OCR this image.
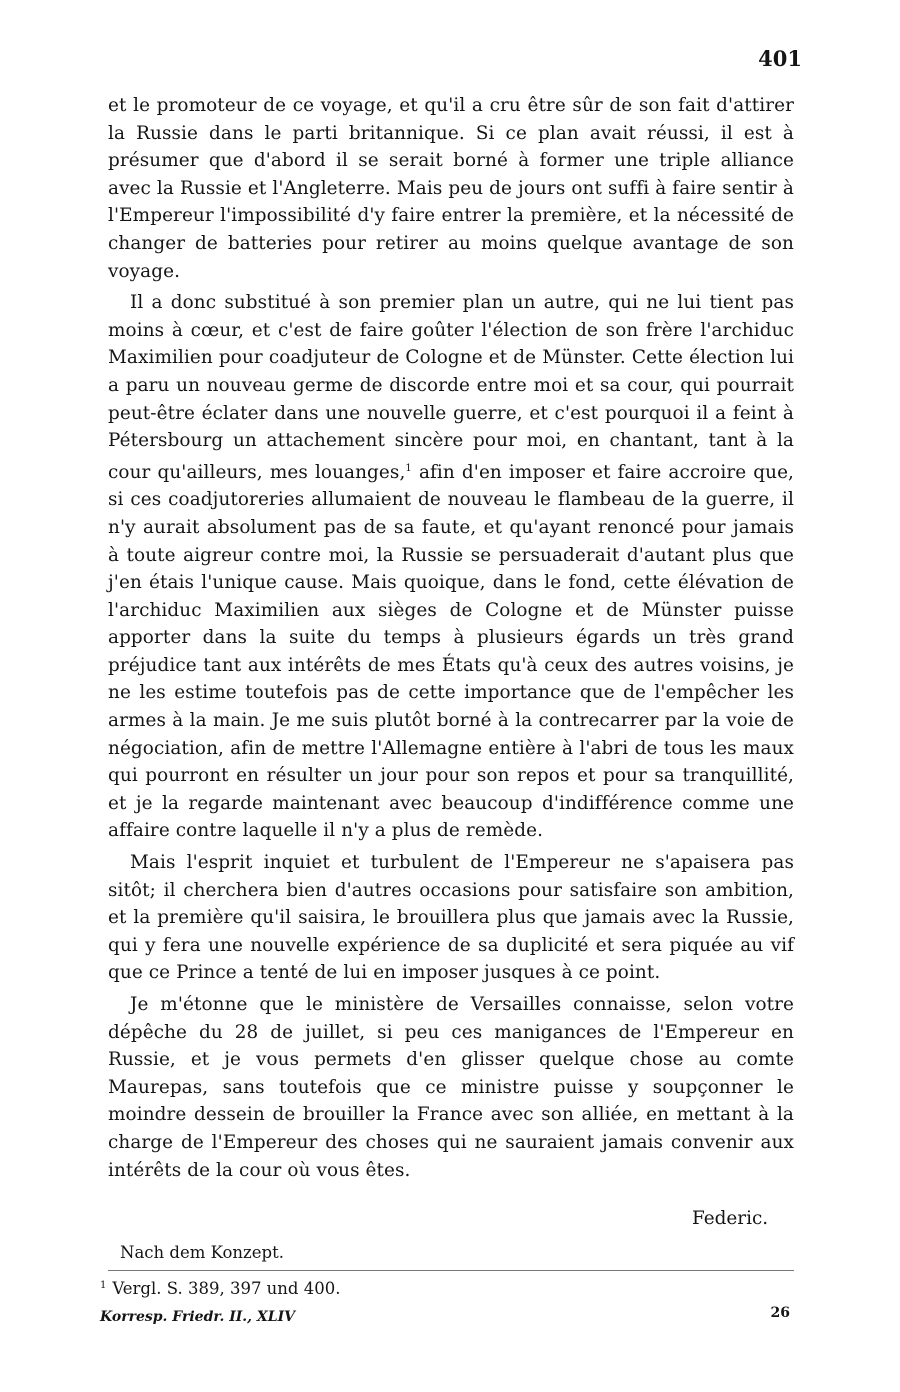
401

et le promoteur de ce voyage, et qu'il a cru être sûr de son fait d'attirer la Russie dans le parti britannique. Si ce plan avait réussi, il est à présumer que d'abord il se serait borné à former une triple alliance avec la Russie et l'Angleterre. Mais peu de jours ont suffi à faire sentir à l'Empereur l'impossibilité d'y faire entrer la première, et la nécessité de changer de batteries pour retirer au moins quelque avantage de son voyage.

Il a donc substitué à son premier plan un autre, qui ne lui tient pas moins à cœur, et c'est de faire goûter l'élection de son frère l'archiduc Maximilien pour coadjuteur de Cologne et de Münster. Cette élection lui a paru un nouveau germe de discorde entre moi et sa cour, qui pourrait peut-être éclater dans une nouvelle guerre, et c'est pourquoi il a feint à Pétersbourg un attachement sincère pour moi, en chantant, tant à la cour qu'ailleurs, mes louanges,$^1$ afin d'en imposer et faire accroire que, si ces coadjutoreries allumaient de nouveau le flambeau de la guerre, il n'y aurait absolument pas de sa faute, et qu'ayant renoncé pour jamais à toute aigreur contre moi, la Russie se persuaderait d'autant plus que j'en étais l'unique cause. Mais quoique, dans le fond, cette élévation de l'archiduc Maximilien aux sièges de Cologne et de Münster puisse apporter dans la suite du temps à plusieurs égards un très grand préjudice tant aux intérêts de mes États qu'à ceux des autres voisins, je ne les estime toutefois pas de cette importance que de l'empêcher les armes à la main. Je me suis plutôt borné à la contrecarrer par la voie de négociation, afin de mettre l'Allemagne entière à l'abri de tous les maux qui pourront en résulter un jour pour son repos et pour sa tranquillité, et je la regarde maintenant avec beaucoup d'indifférence comme une affaire contre laquelle il n'y a plus de remède.

Mais l'esprit inquiet et turbulent de l'Empereur ne s'apaisera pas sitôt; il cherchera bien d'autres occasions pour satisfaire son ambition, et la première qu'il saisira, le brouillera plus que jamais avec la Russie, qui y fera une nouvelle expérience de sa duplicité et sera piquée au vif que ce Prince a tenté de lui en imposer jusques à ce point.

Je m'étonne que le ministère de Versailles connaisse, selon votre dépêche du 28 de juillet, si peu ces manigances de l'Empereur en Russie, et je vous permets d'en glisser quelque chose au comte Maurepas, sans toutefois que ce ministre puisse y soupçonner le moindre dessein de brouiller la France avec son alliée, en mettant à la charge de l'Empereur des choses qui ne sauraient jamais convenir aux intérêts de la cour où vous êtes.

Federic.
Nach dem Konzept.
$^1$ Vergl. S. 389, 397 und 400.
Korresp. Friedr. II., XLIV	26
